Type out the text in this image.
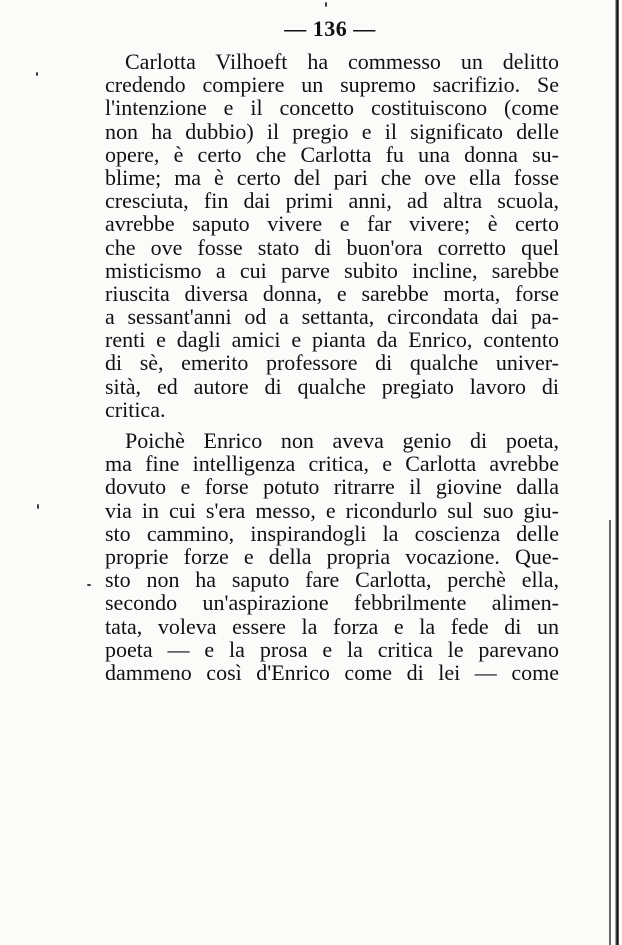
— 136 —
Carlotta Vilhoeft ha commesso un delitto
credendo compiere un supremo sacrifizio. Se
l'intenzione e il concetto costituiscono (come
non ha dubbio) il pregio e il significato delle
opere, è certo che Carlotta fu una donna su-
blime; ma è certo del pari che ove ella fosse
cresciuta, fin dai primi anni, ad altra scuola,
avrebbe saputo vivere e far vivere; è certo
che ove fosse stato di buon'ora corretto quel
misticismo a cui parve subito incline, sarebbe
riuscita diversa donna, e sarebbe morta, forse
a sessant'anni od a settanta, circondata dai pa-
renti e dagli amici e pianta da Enrico, contento
di sè, emerito professore di qualche univer-
sità, ed autore di qualche pregiato lavoro di
critica.
Poichè Enrico non aveva genio di poeta,
ma fine intelligenza critica, e Carlotta avrebbe
dovuto e forse potuto ritrarre il giovine dalla
via in cui s'era messo, e ricondurlo sul suo giu-
sto cammino, inspirandogli la coscienza delle
proprie forze e della propria vocazione. Que-
sto non ha saputo fare Carlotta, perchè ella,
secondo un'aspirazione febbrilmente alimen-
tata, voleva essere la forza e la fede di un
poeta — e la prosa e la critica le parevano
dammeno così d'Enrico come di lei — come
